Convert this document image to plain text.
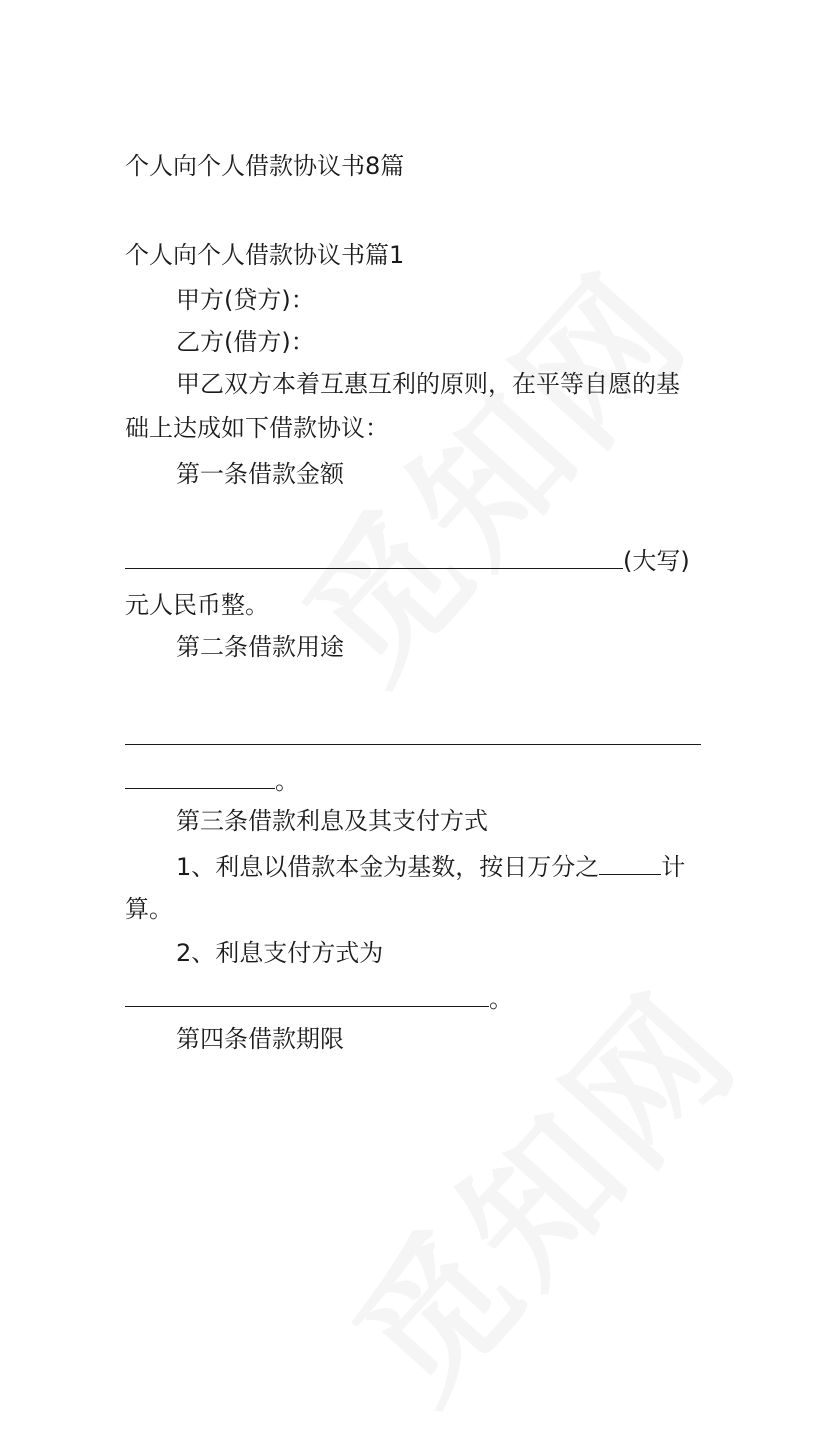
个人向个人借款协议书8篇
个人向个人借款协议书篇1
甲方(贷方)：
乙方(借方)：
甲乙双方本着互惠互利的原则，在平等自愿的基
础上达成如下借款协议：
第一条借款金额
(大写)
元人民币整。
第二条借款用途
。
第三条借款利息及其支付方式
1、利息以借款本金为基数，按日万分之	计
算。
2、利息支付方式为
。
第四条借款期限
